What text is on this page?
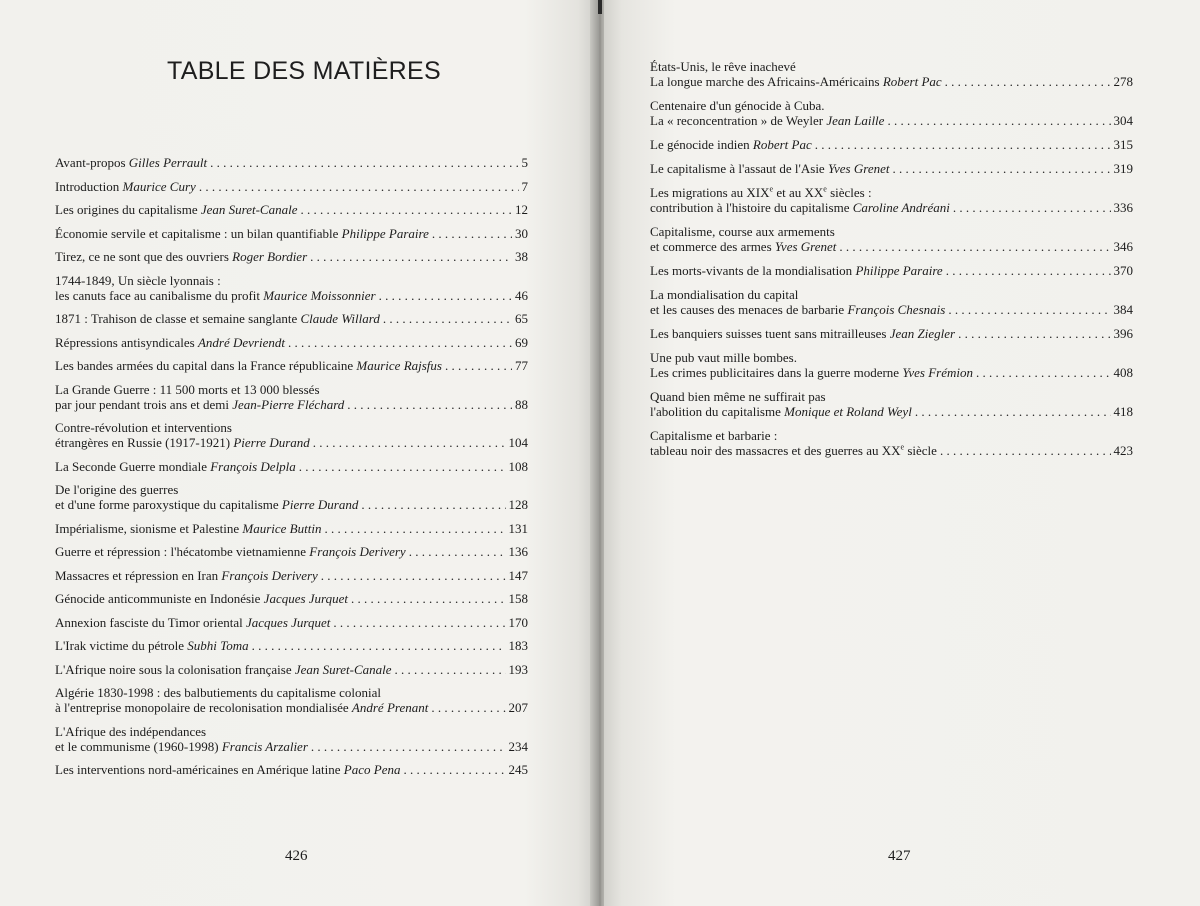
TABLE DES MATIÈRES
Avant-propos Gilles Perrault . . .	5
Introduction Maurice Cury . . .	7
Les origines du capitalisme Jean Suret-Canale . . .	12
Économie servile et capitalisme : un bilan quantifiable Philippe Paraire . . .	30
Tirez, ce ne sont que des ouvriers Roger Bordier . . .	38
1744-1849, Un siècle lyonnais :
les canuts face au canibalisme du profit Maurice Moissonnier . . .	46
1871 : Trahison de classe et semaine sanglante Claude Willard . . .	65
Répressions antisyndicales André Devriendt . . .	69
Les bandes armées du capital dans la France républicaine Maurice Rajsfus . . .	77
La Grande Guerre : 11 500 morts et 13 000 blessés
par jour pendant trois ans et demi Jean-Pierre Fléchard . . .	88
Contre-révolution et interventions
étrangères en Russie (1917-1921) Pierre Durand . . .	104
La Seconde Guerre mondiale François Delpla . . .	108
De l'origine des guerres
et d'une forme paroxystique du capitalisme Pierre Durand . . .	128
Impérialisme, sionisme et Palestine Maurice Buttin . . .	131
Guerre et répression : l'hécatombe vietnamienne François Derivery . . .	136
Massacres et répression en Iran François Derivery . . .	147
Génocide anticommuniste en Indonésie Jacques Jurquet . . .	158
Annexion fasciste du Timor oriental Jacques Jurquet . . .	170
L'Irak victime du pétrole Subhi Toma . . .	183
L'Afrique noire sous la colonisation française Jean Suret-Canale . . .	193
Algérie 1830-1998 : des balbutiements du capitalisme colonial
à l'entreprise monopolaire de recolonisation mondialisée André Prenant . . .	207
L'Afrique des indépendances
et le communisme (1960-1998) Francis Arzalier . . .	234
Les interventions nord-américaines en Amérique latine Paco Pena . . .	245
426
États-Unis, le rêve inachevé
La longue marche des Africains-Américains Robert Pac . . .	278
Centenaire d'un génocide à Cuba.
La « reconcentration » de Weyler Jean Laille . . .	304
Le génocide indien Robert Pac . . .	315
Le capitalisme à l'assaut de l'Asie Yves Grenet . . .	319
Les migrations au XIXe et au XXe siècles :
contribution à l'histoire du capitalisme Caroline Andréani . . .	336
Capitalisme, course aux armements
et commerce des armes Yves Grenet . . .	346
Les morts-vivants de la mondialisation Philippe Paraire . . .	370
La mondialisation du capital
et les causes des menaces de barbarie François Chesnais . . .	384
Les banquiers suisses tuent sans mitrailleuses Jean Ziegler . . .	396
Une pub vaut mille bombes.
Les crimes publicitaires dans la guerre moderne Yves Frémion . . .	408
Quand bien même ne suffirait pas
l'abolition du capitalisme Monique et Roland Weyl . . .	418
Capitalisme et barbarie :
tableau noir des massacres et des guerres au XXe siècle . . .	423
427
